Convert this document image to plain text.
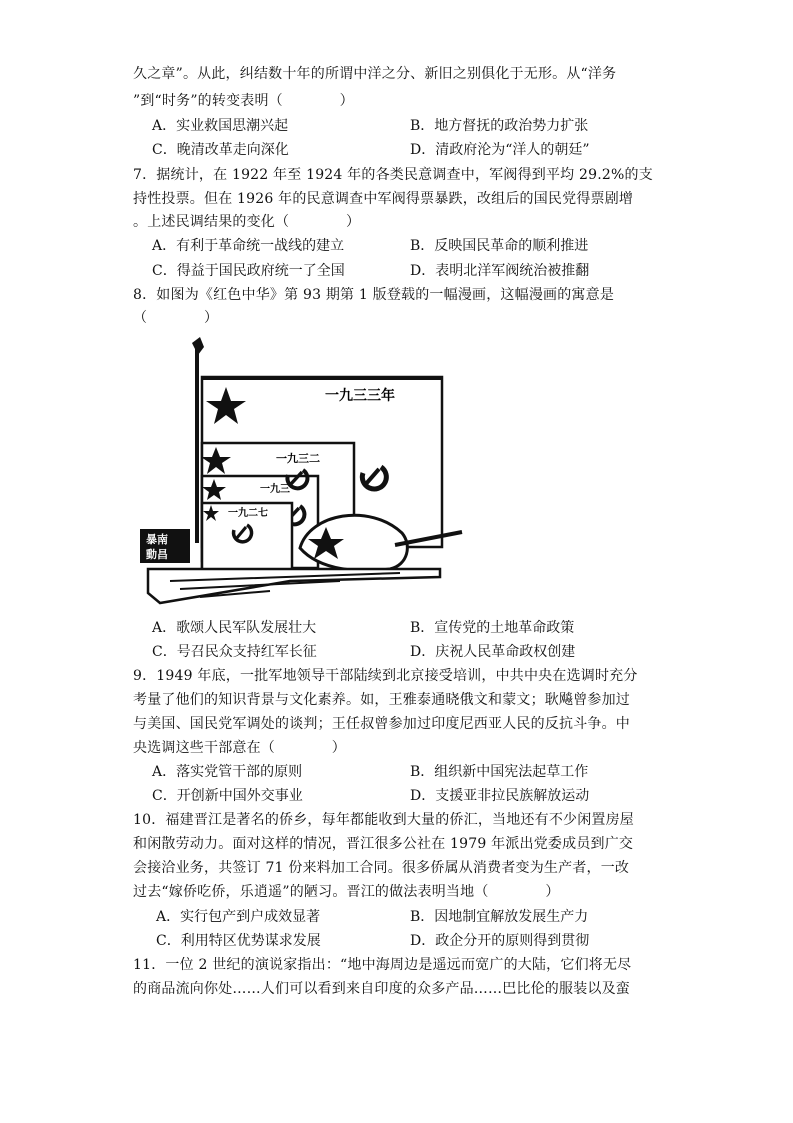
久之章”。从此，纠结数十年的所谓中洋之分、新旧之别俱化于无形。从“洋务
”到“时务”的转变表明（　　　　）
A．实业救国思潮兴起	B．地方督抚的政治势力扩张
C．晚清改革走向深化	D．清政府沦为“洋人的朝廷”
7．据统计，在 1922 年至 1924 年的各类民意调查中，军阀得到平均 29.2%的支
持性投票。但在 1926 年的民意调查中军阀得票暴跌，改组后的国民党得票剧增
。上述民调结果的变化（　　　　）
A．有利于革命统一战线的建立	B．反映国民革命的顺利推进
C．得益于国民政府统一了全国	D．表明北洋军阀统治被推翻
8．如图为《红色中华》第 93 期第 1 版登载的一幅漫画，这幅漫画的寓意是
（　　　　）
一九三三年
一九三二
一九三一
一九二七
暴南
動昌
A．歌颂人民军队发展壮大	B．宣传党的土地革命政策
C．号召民众支持红军长征	D．庆祝人民革命政权创建
9．1949 年底，一批军地领导干部陆续到北京接受培训，中共中央在选调时充分
考量了他们的知识背景与文化素养。如，王雅泰通晓俄文和蒙文；耿飚曾参加过
与美国、国民党军调处的谈判；王任叔曾参加过印度尼西亚人民的反抗斗争。中
央选调这些干部意在（　　　　）
A．落实党管干部的原则	B．组织新中国宪法起草工作
C．开创新中国外交事业	D．支援亚非拉民族解放运动
10．福建晋江是著名的侨乡，每年都能收到大量的侨汇，当地还有不少闲置房屋
和闲散劳动力。面对这样的情况，晋江很多公社在 1979 年派出党委成员到广交
会接洽业务，共签订 71 份来料加工合同。很多侨属从消费者变为生产者，一改
过去“嫁侨吃侨，乐逍遥”的陋习。晋江的做法表明当地（　　　　）
A．实行包产到户成效显著	B．因地制宜解放发展生产力
C．利用特区优势谋求发展	D．政企分开的原则得到贯彻
11．一位 2 世纪的演说家指出：“地中海周边是遥远而宽广的大陆，它们将无尽
的商品流向你处……人们可以看到来自印度的众多产品……巴比伦的服装以及蛮
